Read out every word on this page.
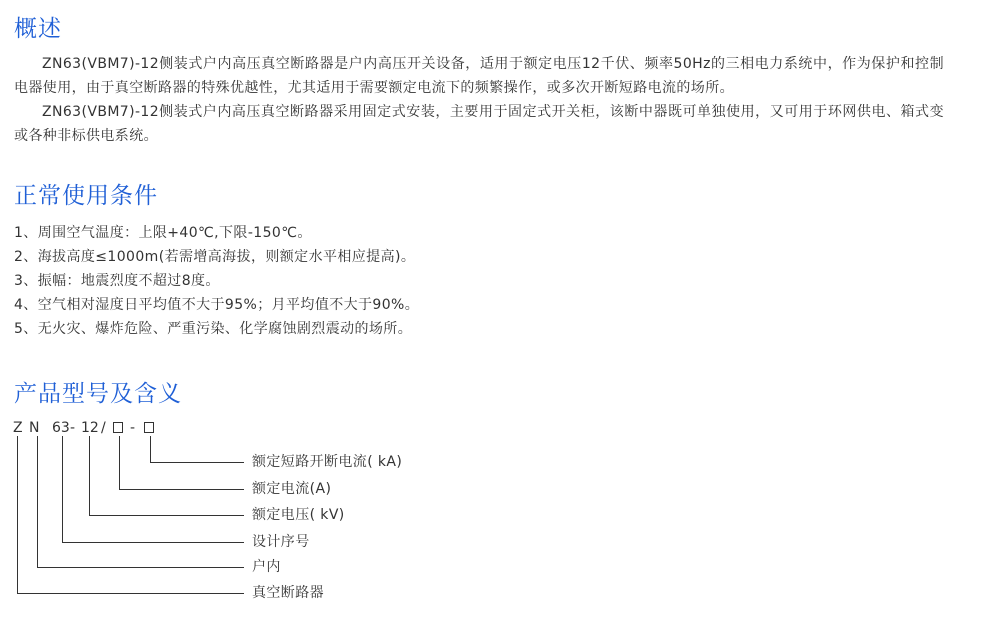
概述

ZN63(VBM7)-12侧装式户内高压真空断路器是户内高压开关设备，适用于额定电压12千伏、频率50Hz的三相电力系统中，作为保护和控制电器使用，由于真空断路器的特殊优越性，尤其适用于需要额定电流下的频繁操作，或多次开断短路电流的场所。

ZN63(VBM7)-12侧装式户内高压真空断路器采用固定式安装，主要用于固定式开关柜，该断中器既可单独使用，又可用于环网供电、箱式变或各种非标供电系统。

正常使用条件

1、周围空气温度：上限+40℃,下限-150℃。

2、海拔高度≤1000m(若需增高海拔，则额定水平相应提高)。

3、振幅：地震烈度不超过8度。

4、空气相对湿度日平均值不大于95%；月平均值不大于90%。

5、无火灾、爆炸危险、严重污染、化学腐蚀剧烈震动的场所。

产品型号及含义
Z N 63 - 12 / -
额定短路开断电流( kA)
额定电流(A)
额定电压( kV)
设计序号
户内
真空断路器
